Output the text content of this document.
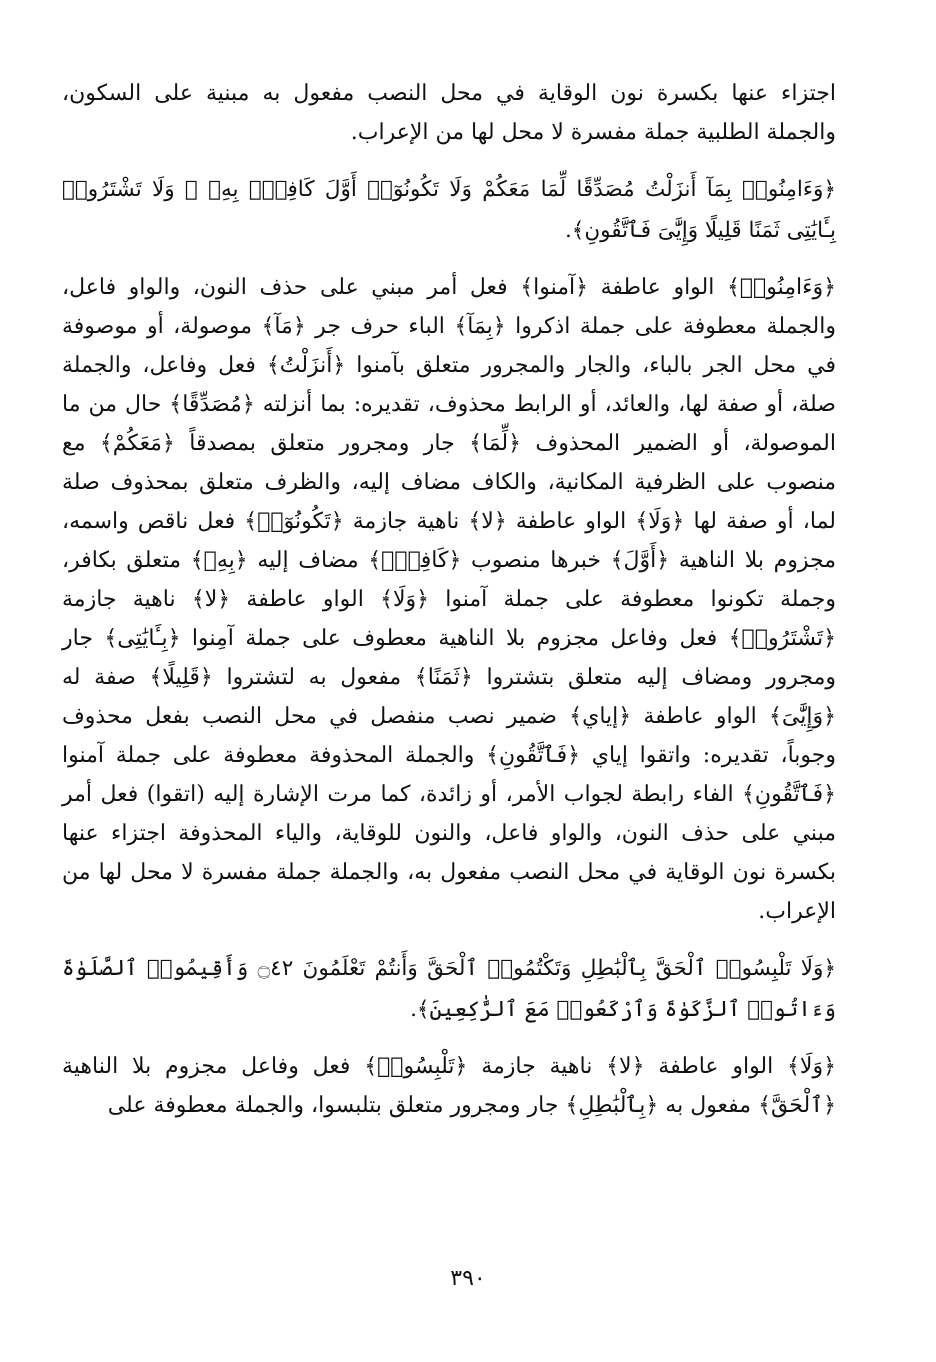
اجتزاء عنها بكسرة نون الوقاية في محل النصب مفعول به مبنية على السكون، والجملة الطلبية جملة مفسرة لا محل لها من الإعراب.

﴿وَءَامِنُوا۟ بِمَآ أَنزَلْتُ مُصَدِّقًا لِّمَا مَعَكُمْ وَلَا تَكُونُوٓا۟ أَوَّلَ كَافِرٍۭ بِهِۦ ۖ وَلَا تَشْتَرُوا۟ بِـَٔايَٰتِى ثَمَنًا قَلِيلًا وَإِيَّٰىَ فَٱتَّقُونِ﴾.

﴿وَءَامِنُوا۟﴾ الواو عاطفة ﴿آمنوا﴾ فعل أمر مبني على حذف النون، والواو فاعل، والجملة معطوفة على جملة اذكروا ﴿بِمَآ﴾ الباء حرف جر ﴿مَآ﴾ موصولة، أو موصوفة في محل الجر بالباء، والجار والمجرور متعلق بآمنوا ﴿أَنزَلْتُ﴾ فعل وفاعل، والجملة صلة، أو صفة لها، والعائد، أو الرابط محذوف، تقديره: بما أنزلته ﴿مُصَدِّقًا﴾ حال من ما الموصولة، أو الضمير المحذوف ﴿لِّمَا﴾ جار ومجرور متعلق بمصدقاً ﴿مَعَكُمْ﴾ مع منصوب على الظرفية المكانية، والكاف مضاف إليه، والظرف متعلق بمحذوف صلة لما، أو صفة لها ﴿وَلَا﴾ الواو عاطفة ﴿لا﴾ ناهية جازمة ﴿تَكُونُوٓا۟﴾ فعل ناقص واسمه، مجزوم بلا الناهية ﴿أَوَّلَ﴾ خبرها منصوب ﴿كَافِرٍۭ﴾ مضاف إليه ﴿بِهِۦ﴾ متعلق بكافر، وجملة تكونوا معطوفة على جملة آمنوا ﴿وَلَا﴾ الواو عاطفة ﴿لا﴾ ناهية جازمة ﴿تَشْتَرُوا۟﴾ فعل وفاعل مجزوم بلا الناهية معطوف على جملة آمِنوا ﴿بِـَٔايَٰتِى﴾ جار ومجرور ومضاف إليه متعلق بتشتروا ﴿ثَمَنًا﴾ مفعول به لتشتروا ﴿قَلِيلًا﴾ صفة له ﴿وَإِيَّٰىَ﴾ الواو عاطفة ﴿إياي﴾ ضمير نصب منفصل في محل النصب بفعل محذوف وجوباً، تقديره: واتقوا إياي ﴿فَٱتَّقُونِ﴾ والجملة المحذوفة معطوفة على جملة آمنوا ﴿فَٱتَّقُونِ﴾ الفاء رابطة لجواب الأمر، أو زائدة، كما مرت الإشارة إليه (اتقوا) فعل أمر مبني على حذف النون، والواو فاعل، والنون للوقاية، والياء المحذوفة اجتزاء عنها بكسرة نون الوقاية في محل النصب مفعول به، والجملة جملة مفسرة لا محل لها من الإعراب.

﴿وَلَا تَلْبِسُوا۟ ٱلْحَقَّ بِٱلْبَٰطِلِ وَتَكْتُمُوا۟ ٱلْحَقَّ وَأَنتُمْ تَعْلَمُونَ ۝٤٢ وَأَقِيمُوا۟ ٱلصَّلَوٰةَ وَءَاتُوا۟ ٱلزَّكَوٰةَ وَٱرْكَعُوا۟ مَعَ ٱلرَّٰكِعِينَ﴾.

﴿وَلَا﴾ الواو عاطفة ﴿لا﴾ ناهية جازمة ﴿تَلْبِسُوا۟﴾ فعل وفاعل مجزوم بلا الناهية ﴿ٱلْحَقَّ﴾ مفعول به ﴿بِٱلْبَٰطِلِ﴾ جار ومجرور متعلق بتلبسوا، والجملة معطوفة على

٣٩٠
